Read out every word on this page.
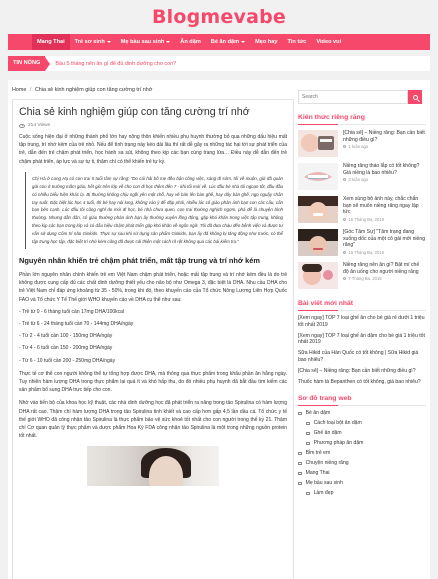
Blogmevabe
Mang Thai Trẻ sơ sinh	Mẹ bầu sau sinh	Ăn dặm Bé ăn dặm	Mẹo hay Tin tức Video vui
TIN NÓNG	Bầu 5 tháng nên ăn gì để đủ dinh dưỡng cho con?
Home / Chia sẻ kinh nghiệm giúp con tăng cường trí nhớ
Chia sẻ kinh nghiệm giúp con tăng cường trí nhớ
214 Views

Cuộc sống hiện đại ở những thành phố lớn hay nông thôn khiến nhiều phụ huynh thường bỏ qua những dấu hiệu mất tập trung, trí nhớ kém của trẻ nhỏ. Nếu để tình trạng này kéo dài lâu thì rất dễ gây ra những tác hại tới sự phát triển của trẻ, dẫn đến trẻ chậm phát triển, học hành sa sút, không theo kịp các bạn cùng trang lứa… Điều này dễ dẫn đến trẻ chậm phát triển, áp lực và sự tự ti, thậm chí có thể khiến trẻ tự kỷ.

Chị Hà ở Long Hạ có con trai 5 tuổi tâm sự rằng: "Do cái hải bố mẹ đều bận công việc, sáng đi sớm, tối về muộn, giờ đã quản gửi con ở trường mầm giáo, hết giờ trên lớp về cho con đi học thêm đến 7 - khi tối mới về. Lúc đầu bé nhà tôi ngoan tốt, đầu đầu có nhiều biểu hiện khác lạ. Bị thường không chịu ngồi yên một chỗ, hay vẽ bản lên bàn ghế, hay dây bản ghế, ngọ nguậy chân tay suốt. Đặc biệt lúc học 4 tuổi, thì bé hay nói lung, không vào ý để đặp phải, nhiều lúc cô giáo phản ánh bạn con các cấu, cấn bạn bên cạnh. Lúc đầu tôi cũng nghĩ do mới đi học, bé nhà chưa quen, con trai thường nghịch ngợm, phá để là chuyện bình thường. Nhưng dần dần, cô giáo thường phàn ánh bạn ấy thường xuyên lồng động, gặp khó khăn trong việc tập trung, không theo kịp các bạn trong lớp và có dấu hiệu chậm phát triển gặp khó khăn về ngôn ngữ. Tôi đã đưa cháu đến bệnh viện và được tư vấn sử dụng Cốm trí não Ginkids. Thực sự sau khi sử dụng sản phẩm Ginkids, bạn ấy đã không bị tăng động như trước, có thể tập trung học tập, đặc biệt trí nhớ kém cũng đã được cải thiện một cách rõ rệt không qua các bài kiểm tra."
Nguyên nhân khiến trẻ chậm phát triển, mất tập trung và trí nhớ kém

Phần lớn nguyên nhân chính khiến trẻ em Việt Nam chậm phát triển, hoặc mất tập trung và trí nhớ kém đều là do trẻ không được cung cấp đủ các chất dinh dưỡng thiết yếu cho não bộ như Omega 3, đặc biệt là DHA. Nhu cầu DHA cho trẻ Việt Nam chỉ đáp ứng khoảng từ 35 - 50%, trong khi đó, theo khuyến cáo của Tổ chức Nông Lương Liên Hợp Quốc FAO và Tổ chức Y Tế Thế giới WHO khuyến cáo về DHA cụ thể như sau:

- Trẻ từ 0 - 6 tháng tuổi cần 17mg DHA/100kcal
- Trẻ từ 6 - 24 tháng tuổi cần 70 - 144mg DHA/ngày
- Từ 2 - 4 tuổi cần 100 - 150mg DHA/ngày
- Từ 4 - 6 tuổi cần 150 - 200mg DHA/ngày
- Từ 6 - 10 tuổi cần 200 - 250mg DHA/ngày

Thực tế cơ thể con người không thể tự tổng hợp được DHA, mà thông qua thực phẩm trong khẩu phần ăn hằng ngày. Tuy nhiên hàm lượng DHA trong thực phẩm lại quá ít và khó hấp thu, do đó nhiều phụ huynh đã bắt đầu tìm kiếm các sản phẩm bổ sung DHA trực tiếp cho con.

Nhờ vào tiến bộ của khoa học kỹ thuật, các nhà dinh dưỡng học đã phát triển ra nâng trong tảo Spirulina có hàm lượng DHA rất cao. Thậm chí hàm lượng DHA trong tảo Spirulina tinh khiết và cao cấp hơn gấp 4,5 lần dầu cá. Tổ chức y tế thế giới WHO đã công nhận tảo Spirulina là thực phẩm bảo vệ sức khoẻ tốt nhất cho con người trong thế kỷ 21. Thậm chí Cơ quan quản lý thực phẩm và dược phẩm Hoa Kỳ FDA công nhận tảo Spirulina là một trong những nguồn protein tốt nhất.

Search
Kiến thức riêng răng
[Chia sẻ] – Niềng răng: Bạn cần biết những điều gì?
1 tuần ago
Niềng răng tháo lắp có tốt không? Giá niềng là bao nhiêu?
3 tuần ago
Xem sùng bộ ảnh này, chắc chắn bạn sẽ muốn niềng răng ngay lập tức
16 Tháng Ba, 2019
[Góc Tâm Sự] "Tâm trạng đang xuống dốc của một cô gái mới niềng răng"
16 Tháng Ba, 2019
Niềng răng nên ăn gì? Bật mí chế độ ăn uống cho người niềng răng
7 Tháng Ba, 2019
Bài viết mới nhất
[Xem ngay] TOP 7 loại ghế ăn cho bé giá rẻ dưới 1 triệu tốt nhất 2019
[Xem ngay] TOP 7 loại ghế ăn dặm cho bé giá 1 triệu tốt nhất 2019
Sữa Hikid của Hàn Quốc có tốt không | Sữa Hikid giá bao nhiêu?
[Chia sẻ] – Niềng răng: Bạn cần biết những điều gì?
Thuốc hàm tà Bepanthen có tốt không, giá bao nhiêu?
Sơ đồ trang web
Bé ăn dặm
Cách loại bột ăn dặm
Ghế ăn dặm
Phương pháp ăn dặm
Bỉm trẻ em
Chuyện niềng răng
Mang Thai
Mẹ bầu sau sinh
Làm đẹp
